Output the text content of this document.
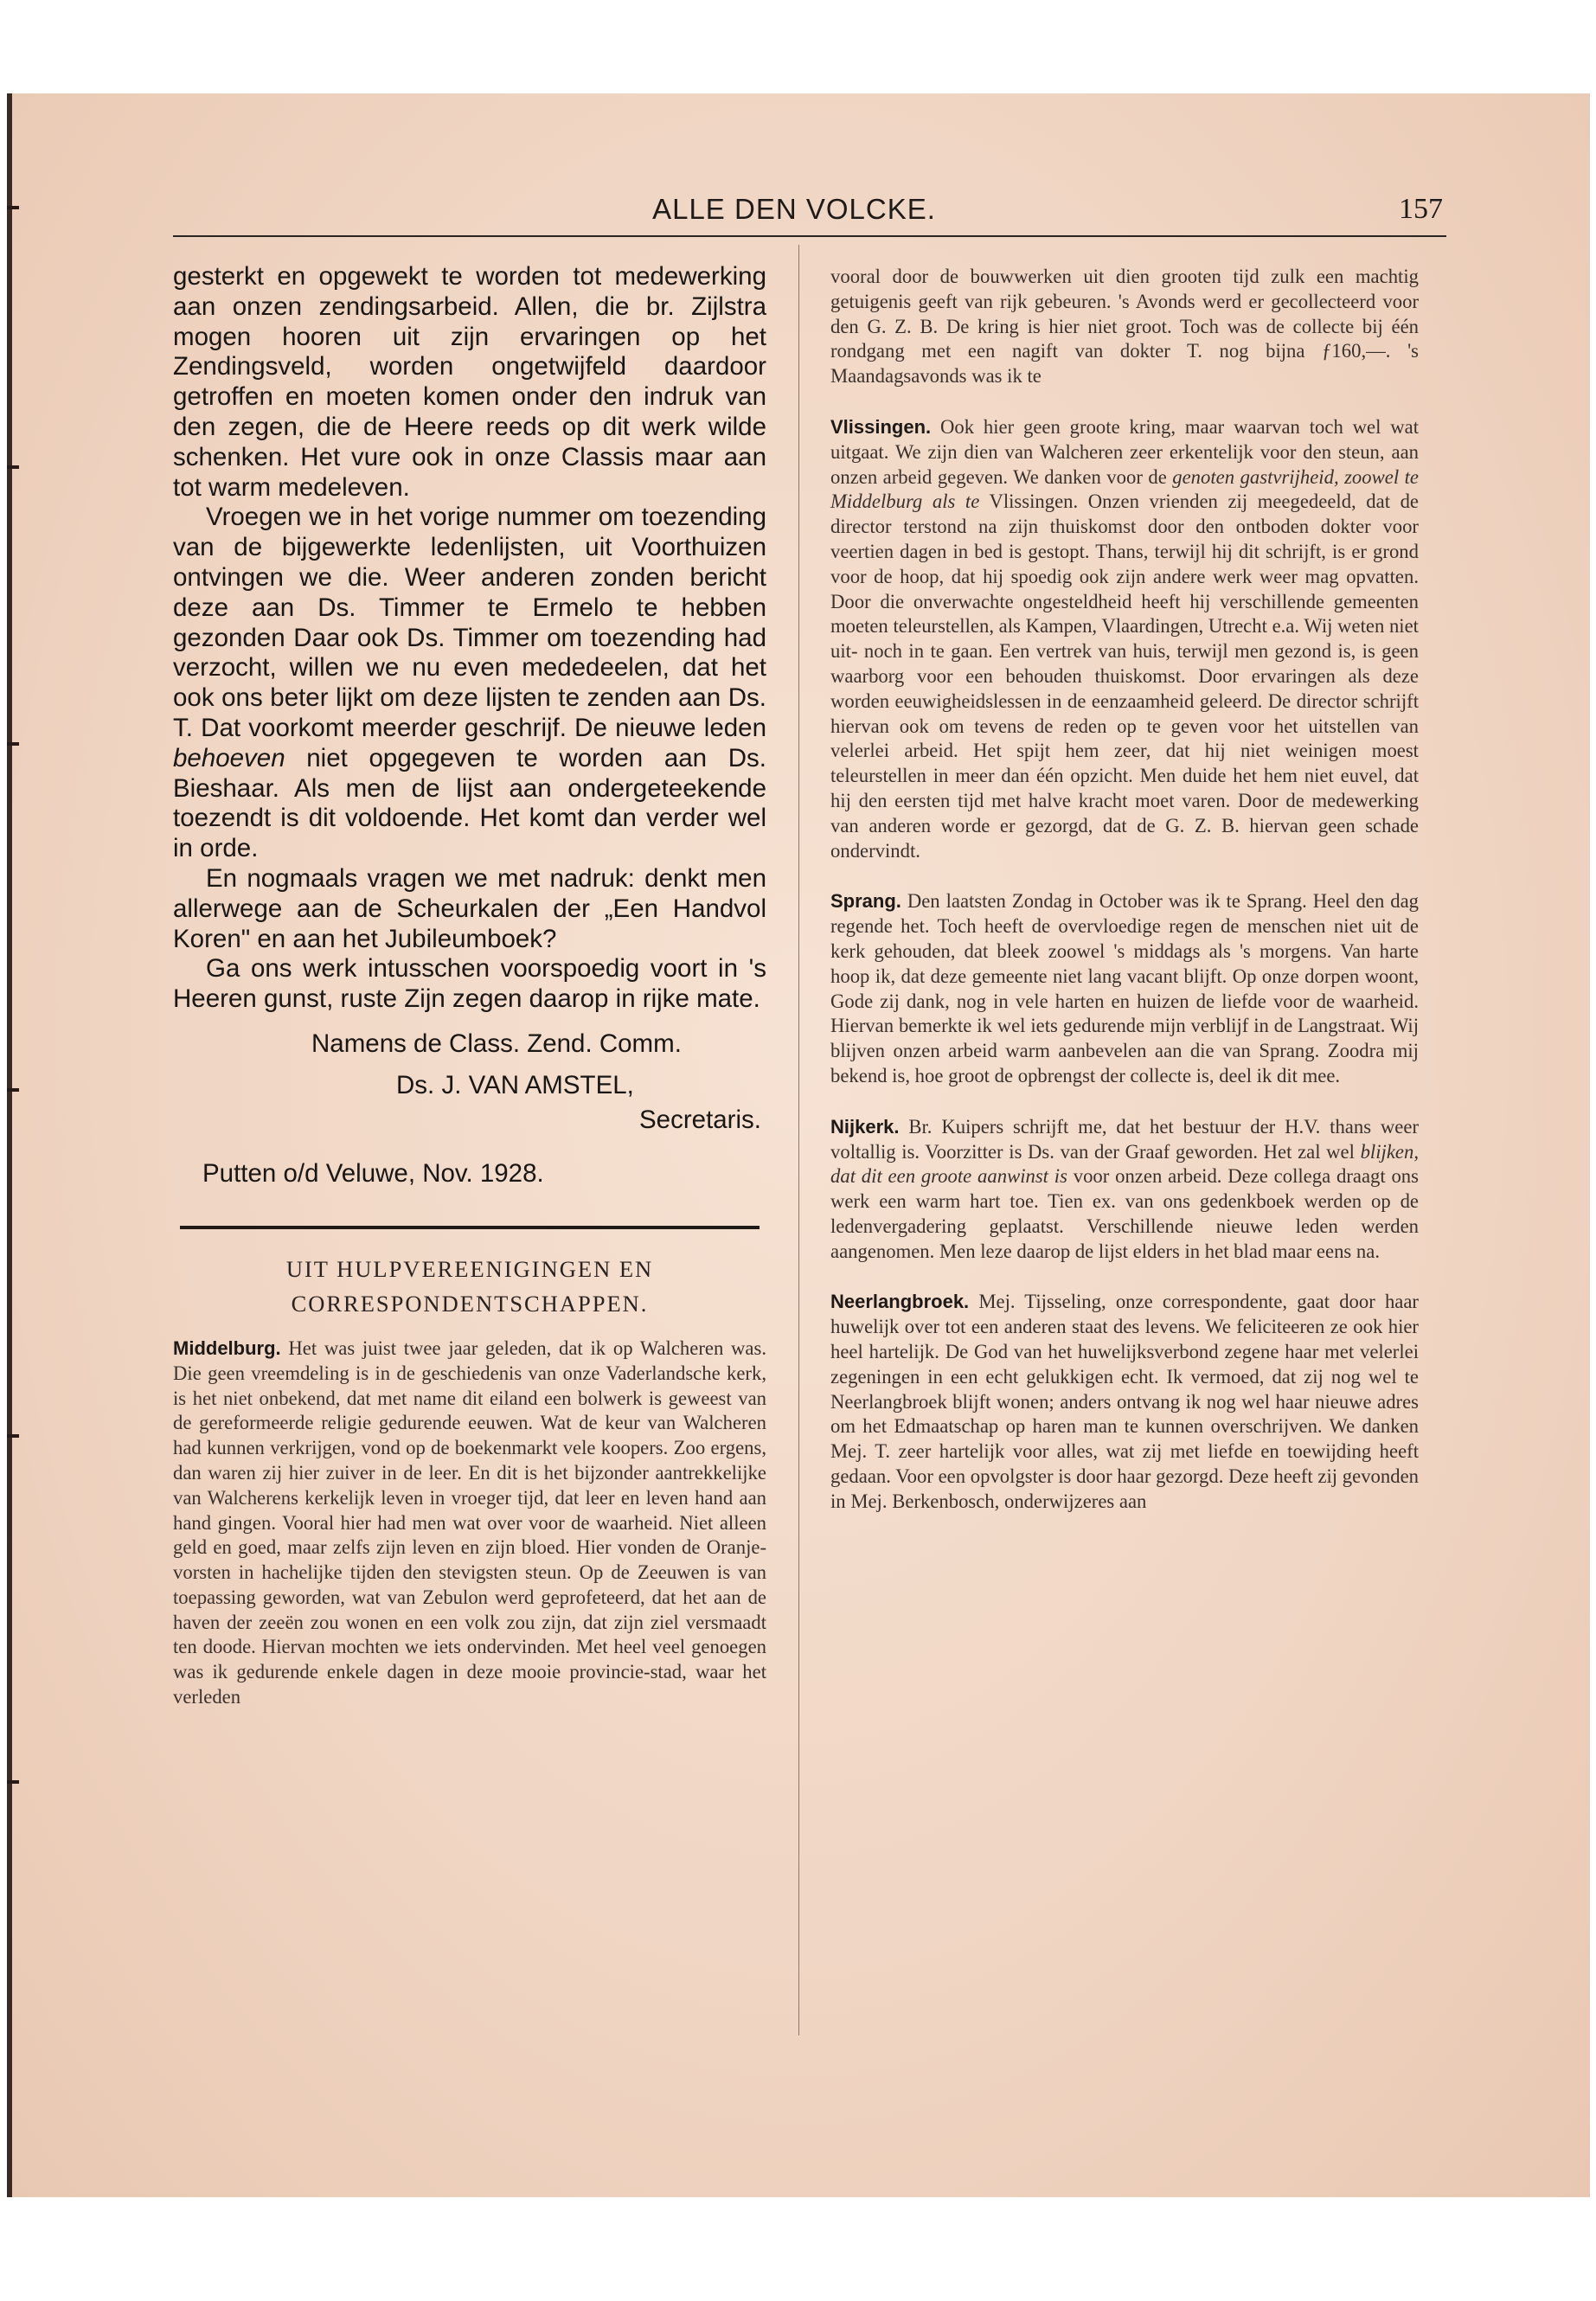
ALLE DEN VOLCKE.	157

gesterkt en opgewekt te worden tot medewerking aan onzen zendingsarbeid. Allen, die br. Zijlstra mogen hooren uit zijn ervaringen op het Zendingsveld, worden ongetwijfeld daardoor getroffen en moeten komen onder den indruk van den zegen, die de Heere reeds op dit werk wilde schenken. Het vure ook in onze Classis maar aan tot warm medeleven.

Vroegen we in het vorige nummer om toezending van de bijgewerkte ledenlijsten, uit Voorthuizen ontvingen we die. Weer anderen zonden bericht deze aan Ds. Timmer te Ermelo te hebben gezonden Daar ook Ds. Timmer om toezending had verzocht, willen we nu even mededeelen, dat het ook ons beter lijkt om deze lijsten te zenden aan Ds. T. Dat voorkomt meerder geschrijf. De nieuwe leden behoeven niet opgegeven te worden aan Ds. Bieshaar. Als men de lijst aan ondergeteekende toezendt is dit voldoende. Het komt dan verder wel in orde.

En nogmaals vragen we met nadruk: denkt men allerwege aan de Scheurkalen der „Een Handvol Koren" en aan het Jubileumboek?

Ga ons werk intusschen voorspoedig voort in 's Heeren gunst, ruste Zijn zegen daarop in rijke mate.

Namens de Class. Zend. Comm.
Ds. J. VAN AMSTEL,
Secretaris.
Putten o/d Veluwe, Nov. 1928.
UIT HULPVEREENIGINGEN EN
CORRESPONDENTSCHAPPEN.

Middelburg. Het was juist twee jaar geleden, dat ik op Walcheren was. Die geen vreemdeling is in de geschiedenis van onze Vaderlandsche kerk, is het niet onbekend, dat met name dit eiland een bolwerk is geweest van de gereformeerde religie gedurende eeuwen. Wat de keur van Walcheren had kunnen verkrijgen, vond op de boekenmarkt vele koopers. Zoo ergens, dan waren zij hier zuiver in de leer. En dit is het bijzonder aantrekkelijke van Walcherens kerkelijk leven in vroeger tijd, dat leer en leven hand aan hand gingen. Vooral hier had men wat over voor de waarheid. Niet alleen geld en goed, maar zelfs zijn leven en zijn bloed. Hier vonden de Oranje-vorsten in hachelijke tijden den stevigsten steun. Op de Zeeuwen is van toepassing geworden, wat van Zebulon werd geprofeteerd, dat het aan de haven der zeeën zou wonen en een volk zou zijn, dat zijn ziel versmaadt ten doode. Hiervan mochten we iets ondervinden. Met heel veel genoegen was ik gedurende enkele dagen in deze mooie provincie-stad, waar het verleden

vooral door de bouwwerken uit dien grooten tijd zulk een machtig getuigenis geeft van rijk gebeuren. 's Avonds werd er gecollecteerd voor den G. Z. B. De kring is hier niet groot. Toch was de collecte bij één rondgang met een nagift van dokter T. nog bijna ƒ160,—. 's Maandagsavonds was ik te

Vlissingen. Ook hier geen groote kring, maar waarvan toch wel wat uitgaat. We zijn dien van Walcheren zeer erkentelijk voor den steun, aan onzen arbeid gegeven. We danken voor de genoten gastvrijheid, zoowel te Middelburg als te Vlissingen. Onzen vrienden zij meegedeeld, dat de director terstond na zijn thuiskomst door den ontboden dokter voor veertien dagen in bed is gestopt. Thans, terwijl hij dit schrijft, is er grond voor de hoop, dat hij spoedig ook zijn andere werk weer mag opvatten. Door die onverwachte ongesteldheid heeft hij verschillende gemeenten moeten teleurstellen, als Kampen, Vlaardingen, Utrecht e.a. Wij weten niet uit- noch in te gaan. Een vertrek van huis, terwijl men gezond is, is geen waarborg voor een behouden thuiskomst. Door ervaringen als deze worden eeuwigheidslessen in de eenzaamheid geleerd. De director schrijft hiervan ook om tevens de reden op te geven voor het uitstellen van velerlei arbeid. Het spijt hem zeer, dat hij niet weinigen moest teleurstellen in meer dan één opzicht. Men duide het hem niet euvel, dat hij den eersten tijd met halve kracht moet varen. Door de medewerking van anderen worde er gezorgd, dat de G. Z. B. hiervan geen schade ondervindt.

Sprang. Den laatsten Zondag in October was ik te Sprang. Heel den dag regende het. Toch heeft de overvloedige regen de menschen niet uit de kerk gehouden, dat bleek zoowel 's middags als 's morgens. Van harte hoop ik, dat deze gemeente niet lang vacant blijft. Op onze dorpen woont, Gode zij dank, nog in vele harten en huizen de liefde voor de waarheid. Hiervan bemerkte ik wel iets gedurende mijn verblijf in de Langstraat. Wij blijven onzen arbeid warm aanbevelen aan die van Sprang. Zoodra mij bekend is, hoe groot de opbrengst der collecte is, deel ik dit mee.

Nijkerk. Br. Kuipers schrijft me, dat het bestuur der H.V. thans weer voltallig is. Voorzitter is Ds. van der Graaf geworden. Het zal wel blijken, dat dit een groote aanwinst is voor onzen arbeid. Deze collega draagt ons werk een warm hart toe. Tien ex. van ons gedenkboek werden op de ledenvergadering geplaatst. Verschillende nieuwe leden werden aangenomen. Men leze daarop de lijst elders in het blad maar eens na.

Neerlangbroek. Mej. Tijsseling, onze correspondente, gaat door haar huwelijk over tot een anderen staat des levens. We feliciteeren ze ook hier heel hartelijk. De God van het huwelijksverbond zegene haar met velerlei zegeningen in een echt gelukkigen echt. Ik vermoed, dat zij nog wel te Neerlangbroek blijft wonen; anders ontvang ik nog wel haar nieuwe adres om het Edmaatschap op haren man te kunnen overschrijven. We danken Mej. T. zeer hartelijk voor alles, wat zij met liefde en toewijding heeft gedaan. Voor een opvolgster is door haar gezorgd. Deze heeft zij gevonden in Mej. Berkenbosch, onderwijzeres aan
